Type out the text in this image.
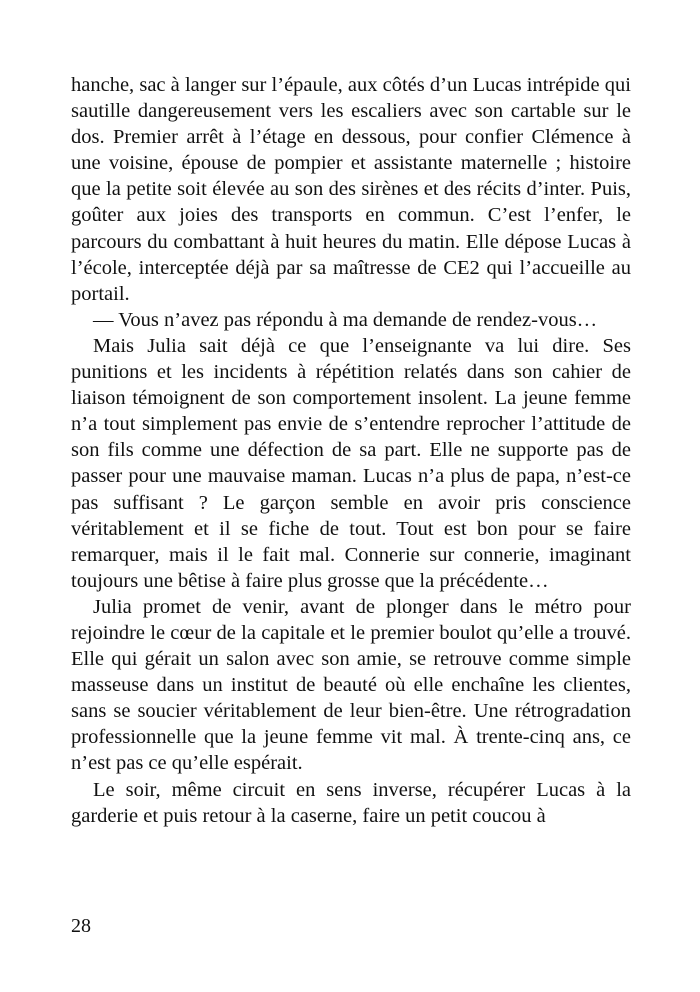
hanche, sac à langer sur l’épaule, aux côtés d’un Lucas intrépide qui sautille dangereusement vers les escaliers avec son cartable sur le dos. Premier arrêt à l’étage en dessous, pour confier Clémence à une voisine, épouse de pompier et assistante maternelle ; histoire que la petite soit élevée au son des sirènes et des récits d’inter. Puis, goûter aux joies des transports en commun. C’est l’enfer, le parcours du combattant à huit heures du matin. Elle dépose Lucas à l’école, interceptée déjà par sa maîtresse de CE2 qui l’accueille au portail.

— Vous n’avez pas répondu à ma demande de rendez-vous…

Mais Julia sait déjà ce que l’enseignante va lui dire. Ses punitions et les incidents à répétition relatés dans son cahier de liaison témoignent de son comportement insolent. La jeune femme n’a tout simplement pas envie de s’entendre reprocher l’attitude de son fils comme une défection de sa part. Elle ne supporte pas de passer pour une mauvaise maman. Lucas n’a plus de papa, n’est-ce pas suffisant ? Le garçon semble en avoir pris conscience véritablement et il se fiche de tout. Tout est bon pour se faire remarquer, mais il le fait mal. Connerie sur connerie, imaginant toujours une bêtise à faire plus grosse que la précédente…

Julia promet de venir, avant de plonger dans le métro pour rejoindre le cœur de la capitale et le premier boulot qu’elle a trouvé. Elle qui gérait un salon avec son amie, se retrouve comme simple masseuse dans un institut de beauté où elle enchaîne les clientes, sans se soucier véritablement de leur bien-être. Une rétrogradation professionnelle que la jeune femme vit mal. À trente-cinq ans, ce n’est pas ce qu’elle espérait.

Le soir, même circuit en sens inverse, récupérer Lucas à la garderie et puis retour à la caserne, faire un petit coucou à

28
